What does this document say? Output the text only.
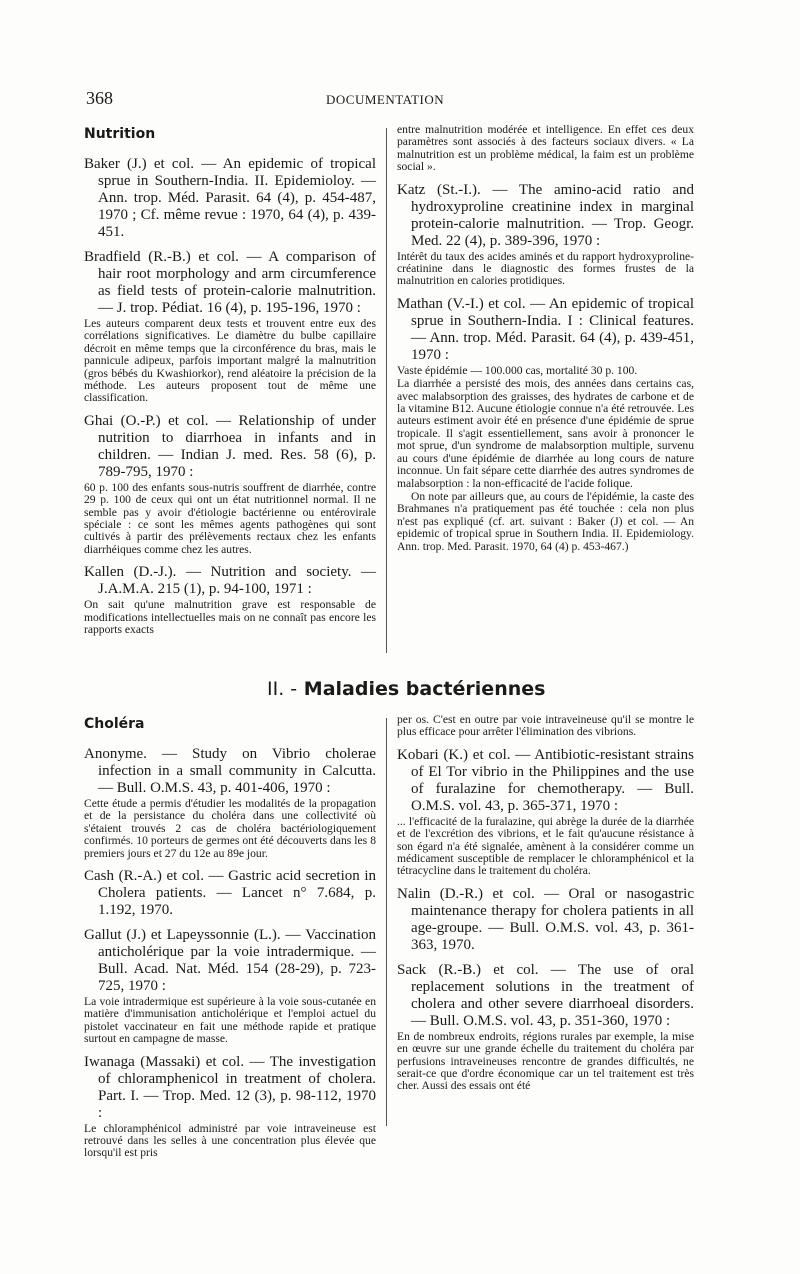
368	DOCUMENTATION
Nutrition

Baker (J.) et col. — An epidemic of tropical sprue in Southern-India. II. Epidemioloy. — Ann. trop. Méd. Parasit. 64 (4), p. 454-487, 1970 ; Cf. même revue : 1970, 64 (4), p. 439-451.

Bradfield (R.-B.) et col. — A comparison of hair root morphology and arm circumference as field tests of protein-calorie malnutrition. — J. trop. Pédiat. 16 (4), p. 195-196, 1970 :

Les auteurs comparent deux tests et trouvent entre eux des corrélations significatives. Le diamètre du bulbe capillaire décroit en même temps que la circonférence du bras, mais le pannicule adipeux, parfois important malgré la malnutrition (gros bébés du Kwashiorkor), rend aléatoire la précision de la méthode. Les auteurs proposent tout de même une classification.

Ghai (O.-P.) et col. — Relationship of under nutrition to diarrhoea in infants and in children. — Indian J. med. Res. 58 (6), p. 789-795, 1970 :

60 p. 100 des enfants sous-nutris souffrent de diarrhée, contre 29 p. 100 de ceux qui ont un état nutritionnel normal. Il ne semble pas y avoir d'étiologie bactérienne ou entérovirale spéciale : ce sont les mêmes agents pathogènes qui sont cultivés à partir des prélèvements rectaux chez les enfants diarrhéiques comme chez les autres.

Kallen (D.-J.). — Nutrition and society. — J.A.M.A. 215 (1), p. 94-100, 1971 :

On sait qu'une malnutrition grave est responsable de modifications intellectuelles mais on ne connaît pas encore les rapports exacts

entre malnutrition modérée et intelligence. En effet ces deux paramètres sont associés à des facteurs sociaux divers. « La malnutrition est un problème médical, la faim est un problème social ».

Katz (St.-I.). — The amino-acid ratio and hydroxyproline creatinine index in marginal protein-calorie malnutrition. — Trop. Geogr. Med. 22 (4), p. 389-396, 1970 :

Intérêt du taux des acides aminés et du rapport hydroxyproline-créatinine dans le diagnostic des formes frustes de la malnutrition en calories protidiques.

Mathan (V.-I.) et col. — An epidemic of tropical sprue in Southern-India. I : Clinical features. — Ann. trop. Méd. Parasit. 64 (4), p. 439-451, 1970 :

Vaste épidémie — 100.000 cas, mortalité 30 p. 100.

La diarrhée a persisté des mois, des années dans certains cas, avec malabsorption des graisses, des hydrates de carbone et de la vitamine B12. Aucune étiologie connue n'a été retrouvée. Les auteurs estiment avoir été en présence d'une épidémie de sprue tropicale. Il s'agit essentiellement, sans avoir à prononcer le mot sprue, d'un syndrome de malabsorption multiple, survenu au cours d'une épidémie de diarrhée au long cours de nature inconnue. Un fait sépare cette diarrhée des autres syndromes de malabsorption : la non-efficacité de l'acide folique.

On note par ailleurs que, au cours de l'épidémie, la caste des Brahmanes n'a pratiquement pas été touchée : cela non plus n'est pas expliqué (cf. art. suivant : Baker (J) et col. — An epidemic of tropical sprue in Southern India. II. Epidemiology. Ann. trop. Med. Parasit. 1970, 64 (4) p. 453-467.)

II. - Maladies bactériennes
Choléra

Anonyme. — Study on Vibrio cholerae infection in a small community in Calcutta. — Bull. O.M.S. 43, p. 401-406, 1970 :

Cette étude a permis d'étudier les modalités de la propagation et de la persistance du choléra dans une collectivité où s'étaient trouvés 2 cas de choléra bactériologiquement confirmés. 10 porteurs de germes ont été découverts dans les 8 premiers jours et 27 du 12e au 89e jour.

Cash (R.-A.) et col. — Gastric acid secretion in Cholera patients. — Lancet n° 7.684, p. 1.192, 1970.

Gallut (J.) et Lapeyssonnie (L.). — Vaccination anticholérique par la voie intradermique. — Bull. Acad. Nat. Méd. 154 (28-29), p. 723-725, 1970 :

La voie intradermique est supérieure à la voie sous-cutanée en matière d'immunisation anticholérique et l'emploi actuel du pistolet vaccinateur en fait une méthode rapide et pratique surtout en campagne de masse.

Iwanaga (Massaki) et col. — The investigation of chloramphenicol in treatment of cholera. Part. I. — Trop. Med. 12 (3), p. 98-112, 1970 :

Le chloramphénicol administré par voie intraveineuse est retrouvé dans les selles à une concentration plus élevée que lorsqu'il est pris

per os. C'est en outre par voie intraveineuse qu'il se montre le plus efficace pour arrêter l'élimination des vibrions.

Kobari (K.) et col. — Antibiotic-resistant strains of El Tor vibrio in the Philippines and the use of furalazine for chemotherapy. — Bull. O.M.S. vol. 43, p. 365-371, 1970 :

... l'efficacité de la furalazine, qui abrège la durée de la diarrhée et de l'excrétion des vibrions, et le fait qu'aucune résistance à son égard n'a été signalée, amènent à la considérer comme un médicament susceptible de remplacer le chloramphénicol et la tétracycline dans le traitement du choléra.

Nalin (D.-R.) et col. — Oral or nasogastric maintenance therapy for cholera patients in all age-groupe. — Bull. O.M.S. vol. 43, p. 361-363, 1970.

Sack (R.-B.) et col. — The use of oral replacement solutions in the treatment of cholera and other severe diarrhoeal disorders. — Bull. O.M.S. vol. 43, p. 351-360, 1970 :

En de nombreux endroits, régions rurales par exemple, la mise en œuvre sur une grande échelle du traitement du choléra par perfusions intraveineuses rencontre de grandes difficultés, ne serait-ce que d'ordre économique car un tel traitement est très cher. Aussi des essais ont été
